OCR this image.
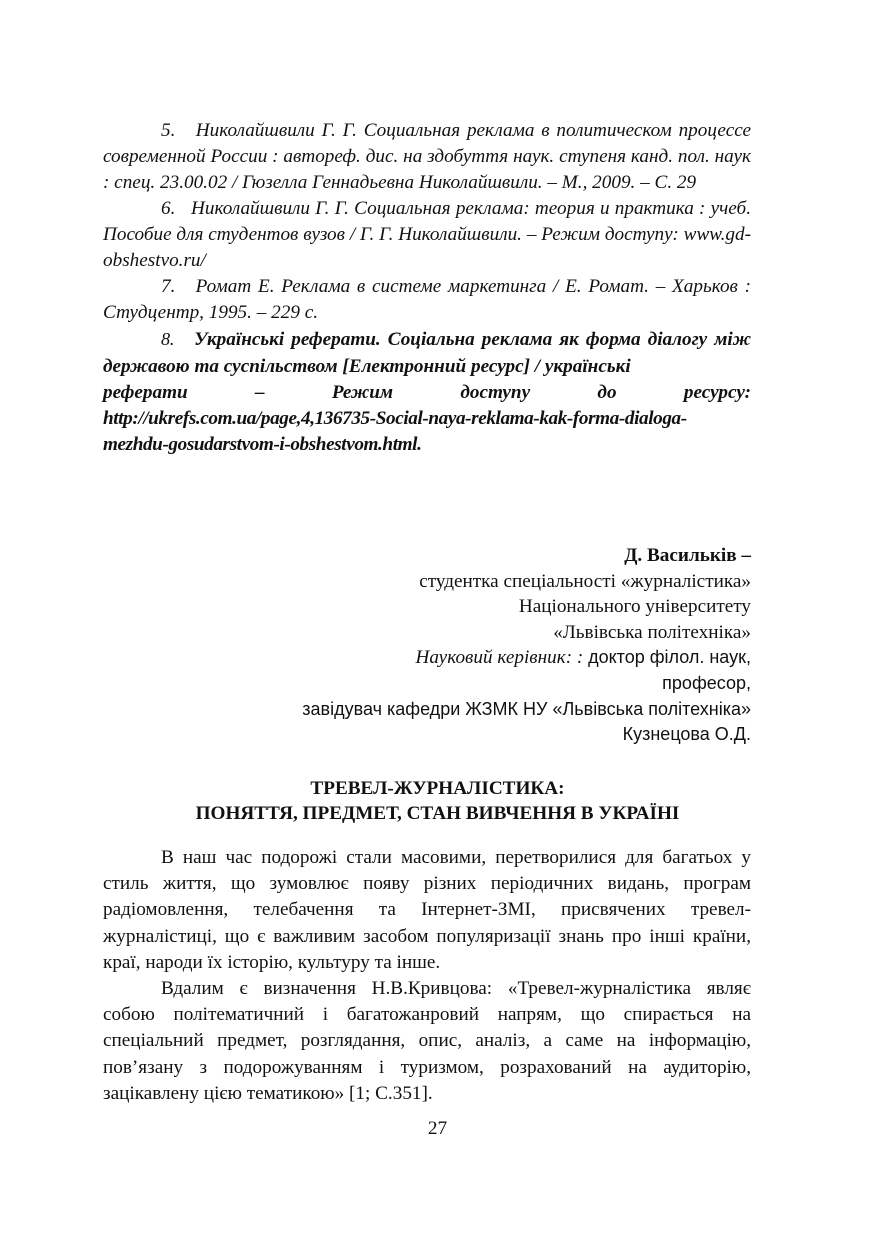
5. Николайшвили Г. Г. Социальная реклама в политическом процессе современной России : автореф. дис. на здобуття наук. ступеня канд. пол. наук : спец. 23.00.02 / Гюзелла Геннадьевна Николайшвили. – М., 2009. – С. 29

6. Николайшвили Г. Г. Социальная реклама: теория и практика : учеб. Пособие для студентов вузов / Г. Г. Николайшвили. – Режим доступу: www.gd-obshestvo.ru/

7. Ромат Е. Реклама в системе маркетинга / Е. Ромат. – Харьков : Студцентр, 1995. – 229 с.

8. Українські реферати. Соціальна реклама як форма діалогу між державою та суспільством [Електронний ресурс] / українські
реферати – Режим доступу до ресурсу:
http://ukrefs.com.ua/page,4,136735-Social-naya-reklama-kak-forma-dialoga-mezhdu-gosudarstvom-i-obshestvom.html.

Д. Васильків –
студентка спеціальності «журналістика»
Національного університету
«Львівська політехніка»
Науковий керівник: : доктор філол. наук,
професор,
завідувач кафедри ЖЗМК НУ «Львівська політехніка»
Кузнецова О.Д.
ТРЕВЕЛ-ЖУРНАЛІСТИКА:
ПОНЯТТЯ, ПРЕДМЕТ, СТАН ВИВЧЕННЯ В УКРАЇНІ

В наш час подорожі стали масовими, перетворилися для багатьох у стиль життя, що зумовлює появу різних періодичних видань, програм радіомовлення, телебачення та Інтернет-ЗМІ, присвячених тревел-журналістиці, що є важливим засобом популяризації знань про інші країни, краї, народи їх історію, культуру та інше.

Вдалим є визначення Н.В.Кривцова: «Тревел-журналістика являє собою політематичний і багатожанровий напрям, що спирається на спеціальний предмет, розглядання, опис, аналіз, а саме на інформацію, пов’язану з подорожуванням і туризмом, розрахований на аудиторію, зацікавлену цією тематикою» [1; С.351].

27
